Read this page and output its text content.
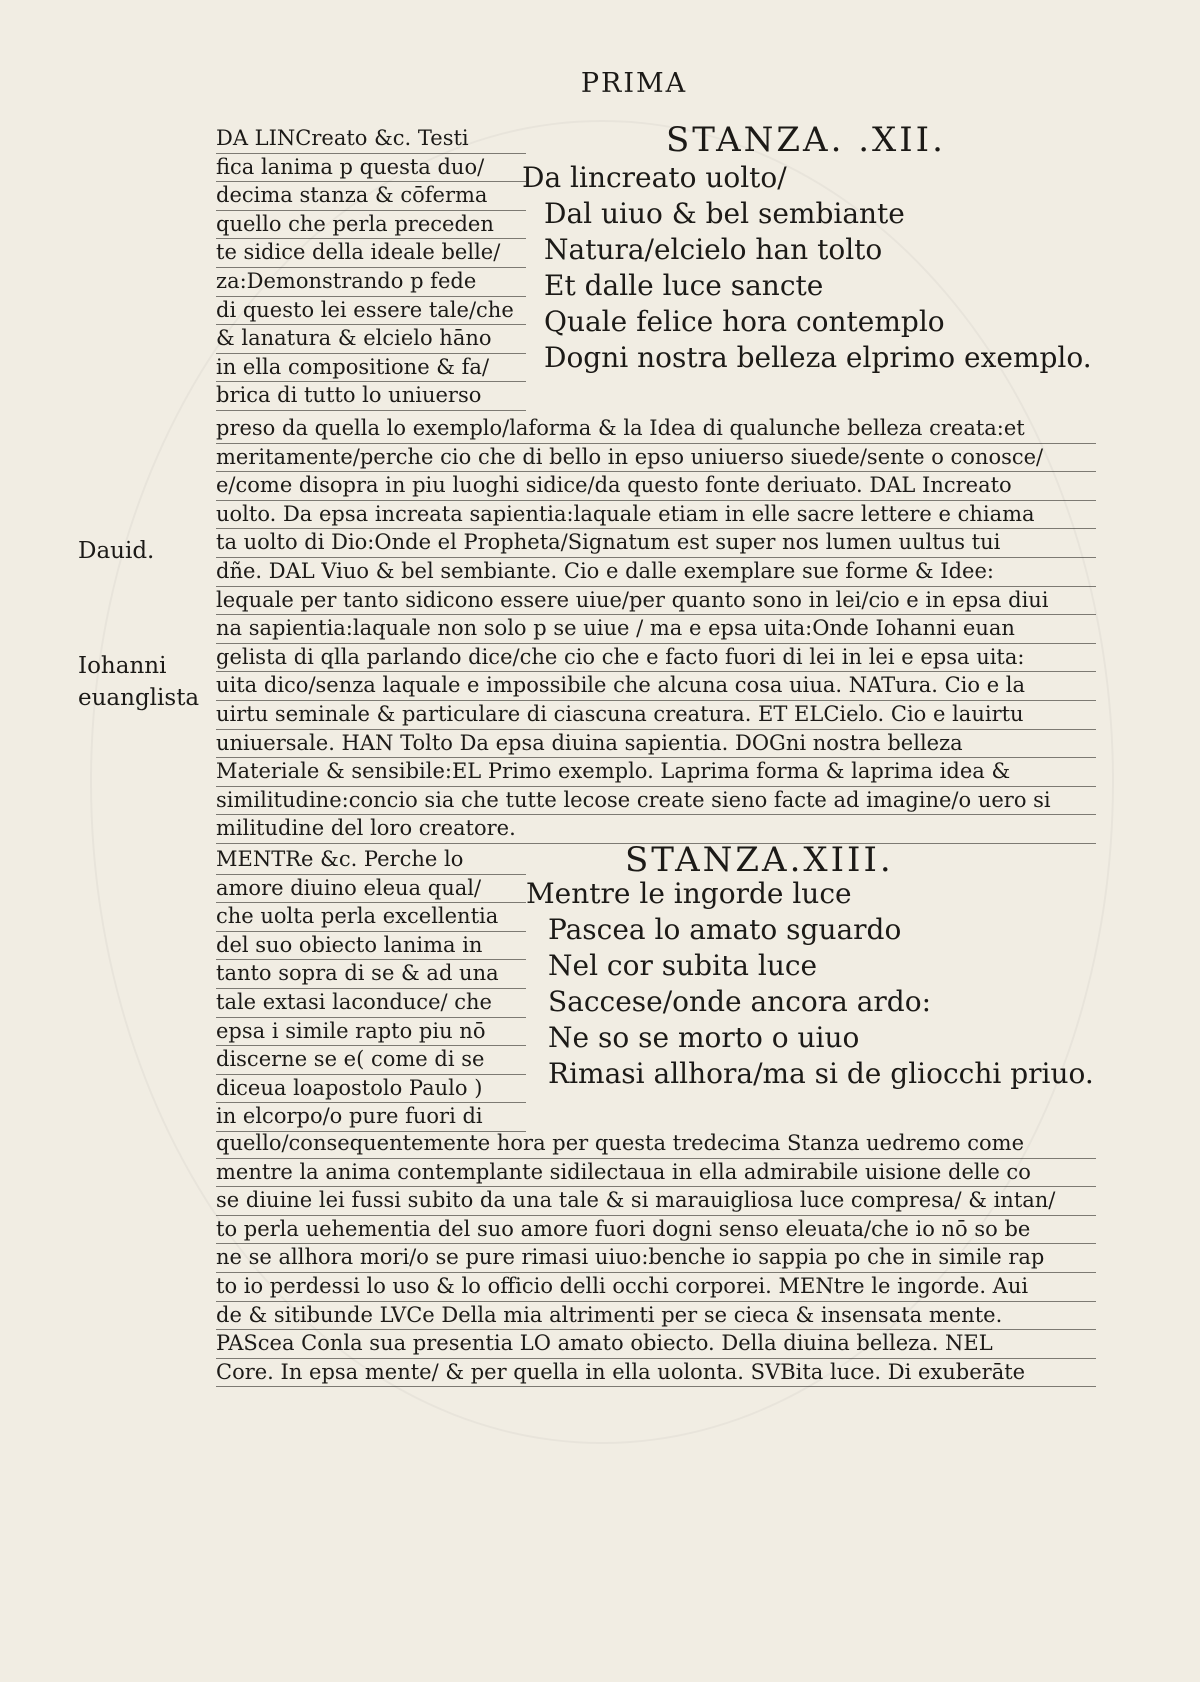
PRIMA
STANZA. .XII.
DA LINCreato &c. Testi
fica lanima p questa duo/
decima stanza & cōferma
quello che perla preceden
te sidice della ideale belle/
za:Demonstrando p fede
di questo lei essere tale/che
& lanatura & elcielo hāno
in ella compositione & fa/
brica di tutto lo uniuerso
Da lincreato uolto/
Dal uiuo & bel sembiante
Natura/elcielo han tolto
Et dalle luce sancte
Quale felice hora contemplo
Dogni nostra belleza elprimo exemplo.
preso da quella lo exemplo/laforma & la Idea di qualunche belleza creata:et
meritamente/perche cio che di bello in epso uniuerso siuede/sente o conosce/
e/come disopra in piu luoghi sidice/da questo fonte deriuato. DAL Increato
uolto. Da epsa increata sapientia:laquale etiam in elle sacre lettere e chiama
ta uolto di Dio:Onde el Propheta/Signatum est super nos lumen uultus tui
dñe. DAL Viuo & bel sembiante. Cio e dalle exemplare sue forme & Idee:
lequale per tanto sidicono essere uiue/per quanto sono in lei/cio e in epsa diui
na sapientia:laquale non solo p se uiue / ma e epsa uita:Onde Iohanni euan
gelista di qlla parlando dice/che cio che e facto fuori di lei in lei e epsa uita:
uita dico/senza laquale e impossibile che alcuna cosa uiua. NATura. Cio e la
uirtu seminale & particulare di ciascuna creatura. ET ELCielo. Cio e lauirtu
uniuersale. HAN Tolto Da epsa diuina sapientia. DOGni nostra belleza
Materiale & sensibile:EL Primo exemplo. Laprima forma & laprima idea &
similitudine:concio sia che tutte lecose create sieno facte ad imagine/o uero si
militudine del loro creatore.
Dauid.
Iohanni
euanglista
STANZA.XIII.
MENTRe &c. Perche lo
amore diuino eleua qual/
che uolta perla excellentia
del suo obiecto lanima in
tanto sopra di se & ad una
tale extasi laconduce/ che
epsa i simile rapto piu nō
discerne se e( come di se
diceua loapostolo Paulo )
in elcorpo/o pure fuori di
Mentre le ingorde luce
Pascea lo amato sguardo
Nel cor subita luce
Saccese/onde ancora ardo:
Ne so se morto o uiuo
Rimasi allhora/ma si de gliocchi priuo.
quello/consequentemente hora per questa tredecima Stanza uedremo come
mentre la anima contemplante sidilectaua in ella admirabile uisione delle co
se diuine lei fussi subito da una tale & si marauigliosa luce compresa/ & intan/
to perla uehementia del suo amore fuori dogni senso eleuata/che io nō so be
ne se allhora mori/o se pure rimasi uiuo:benche io sappia po che in simile rap
to io perdessi lo uso & lo officio delli occhi corporei. MENtre le ingorde. Aui
de & sitibunde LVCe Della mia altrimenti per se cieca & insensata mente.
PAScea Conla sua presentia LO amato obiecto. Della diuina belleza. NEL
Core. In epsa mente/ & per quella in ella uolonta. SVBita luce. Di exuberāte
